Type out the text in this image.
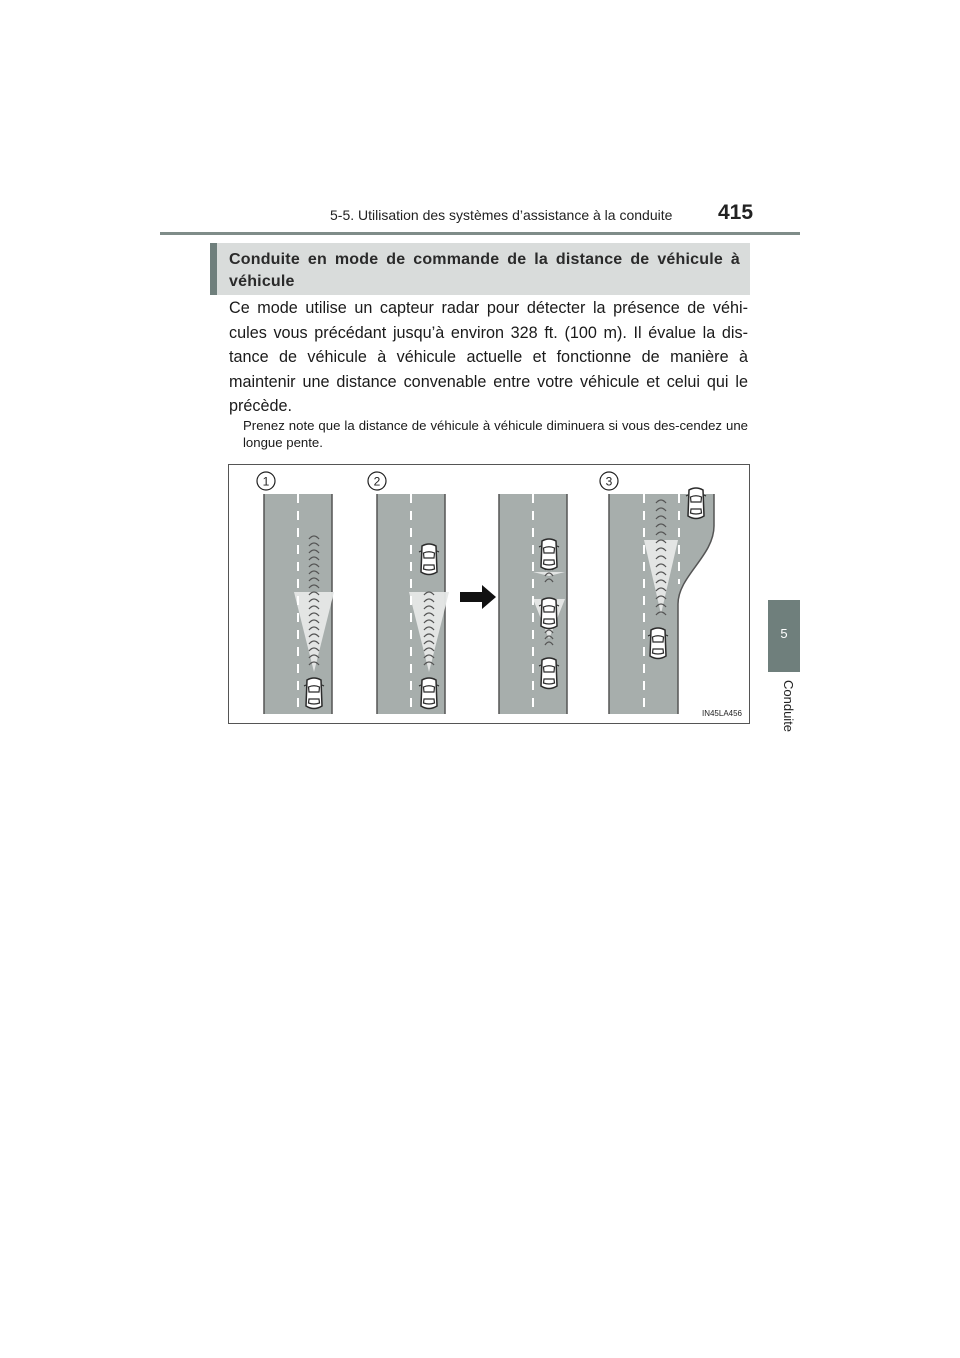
5-5. Utilisation des systèmes d’assistance à la conduite 415
5
Conduite
Conduite en mode de commande de la distance de véhicule à véhicule
Ce mode utilise un capteur radar pour détecter la présence de véhi-cules vous précédant jusqu’à environ 328 ft. (100 m). Il évalue la dis-tance de véhicule à véhicule actuelle et fonctionne de manière à maintenir une distance convenable entre votre véhicule et celui qui le précède.
Prenez note que la distance de véhicule à véhicule diminuera si vous des-cendez une longue pente.
1	2	3
IN45LA456
